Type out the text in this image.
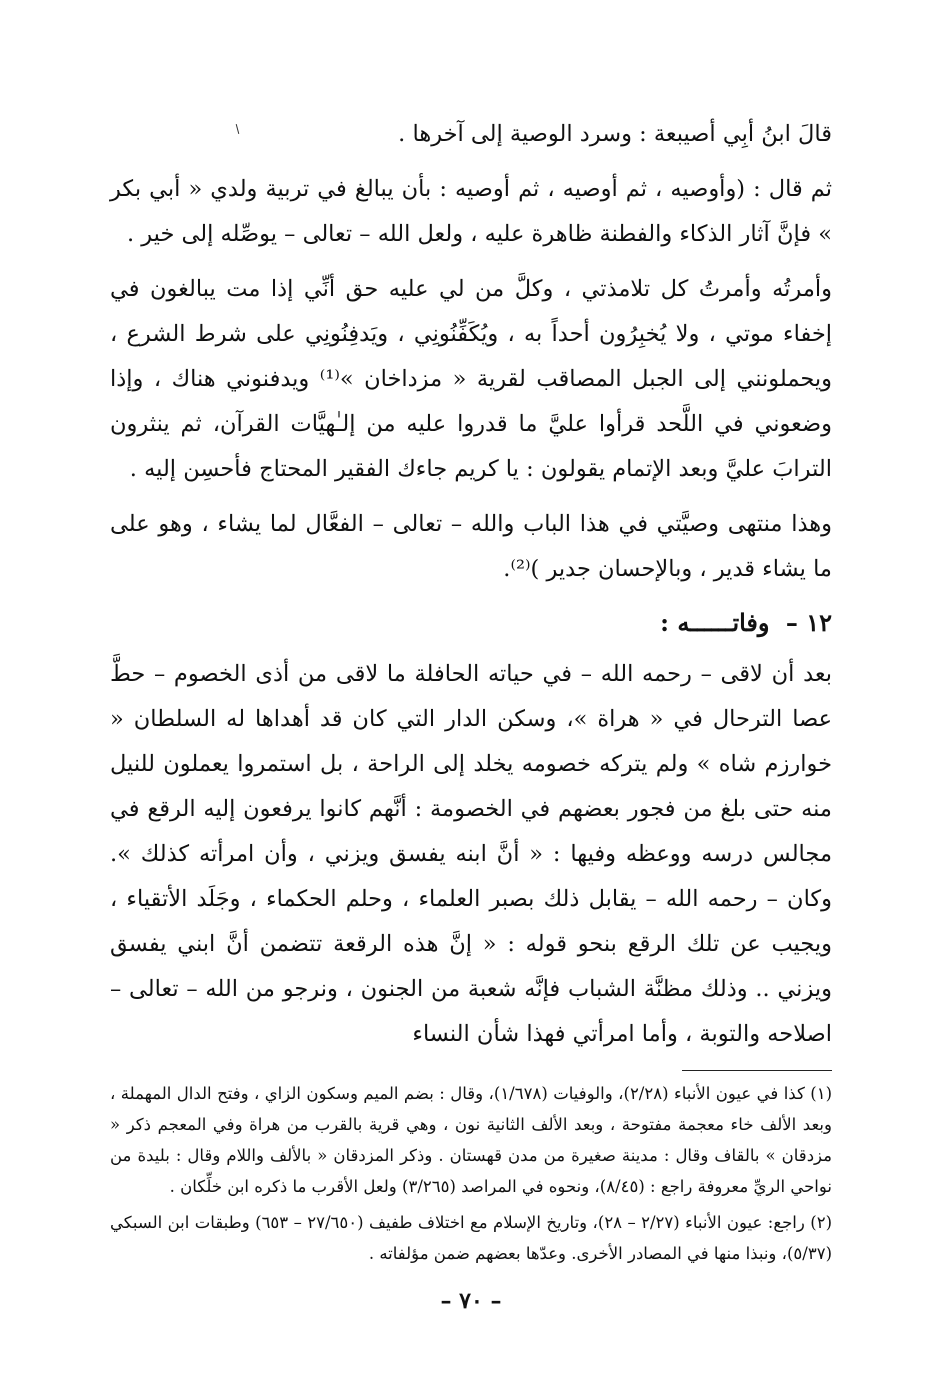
قالَ ابنُ أبِي أصيبعة : وسرد الوصية إلى آخرها .

ثم قال : (وأوصيه ، ثم أوصيه ، ثم أوصيه : بأن يبالغ في تربية ولدي « أبي بكر » فإنَّ آثار الذكاء والفطنة ظاهرة عليه ، ولعل الله – تعالى – يوصِّله إلى خير .

وأمرتُه وأمرتُ كل تلامذتي ، وكلَّ من لي عليه حق أنِّي إذا مت يبالغون في إخفاء موتي ، ولا يُخبِرُون أحداً به ، ويُكَفِّنُونِي ، ويَدفِنُونِي على شرط الشرع ، ويحملونني إلى الجبل المصاقب لقرية « مزداخان »⁽¹⁾ ويدفنوني هناك ، وإذا وضعوني في اللَّحد قرأوا عليَّ ما قدروا عليه من إلـٰهيَّات القرآن، ثم ينثرون الترابَ عليَّ وبعد الإتمام يقولون : يا كريم جاءك الفقير المحتاج فأحسِن إليه .

وهذا منتهى وصيَّتي في هذا الباب والله – تعالى – الفعَّال لما يشاء ، وهو على ما يشاء قدير ، وبالإحسان جدير )⁽²⁾.

١٢ – وفاتــــــه :

بعد أن لاقى – رحمه الله – في حياته الحافلة ما لاقى من أذى الخصوم – حطَّ عصا الترحال في « هراة »، وسكن الدار التي كان قد أهداها له السلطان « خوارزم شاه » ولم يتركه خصومه يخلد إلى الراحة ، بل استمروا يعملون للنيل منه حتى بلغ من فجور بعضهم في الخصومة : أنَّهم كانوا يرفعون إليه الرقع في مجالس درسه ووعظه وفيها : « أنَّ ابنه يفسق ويزني ، وأن امرأته كذلك ». وكان – رحمه الله – يقابل ذلك بصبر العلماء ، وحلم الحكماء ، وجَلَد الأتقياء ، ويجيب عن تلك الرقع بنحو قوله : « إنَّ هذه الرقعة تتضمن أنَّ ابني يفسق ويزني .. وذلك مظنَّة الشباب فإنَّه شعبة من الجنون ، ونرجو من الله – تعالى – اصلاحه والتوبة ، وأما امرأتي فهذا شأن النساء

(١) كذا في عيون الأنباء (٢/٢٨)، والوفيات (١/٦٧٨)، وقال : بضم الميم وسكون الزاي ، وفتح الدال المهملة ، وبعد الألف خاء معجمة مفتوحة ، وبعد الألف الثانية نون ، وهي قرية بالقرب من هراة وفي المعجم ذكر « مزدقان » بالقاف وقال : مدينة صغيرة من مدن قهستان . وذكر المزدقان « بالألف واللام وقال : بليدة من نواحي الريِّ معروفة راجع : (٨/٤٥)، ونحوه في المراصد (٣/٢٦٥) ولعل الأقرب ما ذكره ابن خلِّكان .

(٢) راجع: عيون الأنباء (٢/٢٧ – ٢٨)، وتاريخ الإسلام مع اختلاف طفيف (٢٧/٦٥٠ – ٦٥٣) وطبقات ابن السبكي (٥/٣٧)، ونبذا منها في المصادر الأخرى. وعدّها بعضهم ضمن مؤلفاته .

– ٧٠ –
